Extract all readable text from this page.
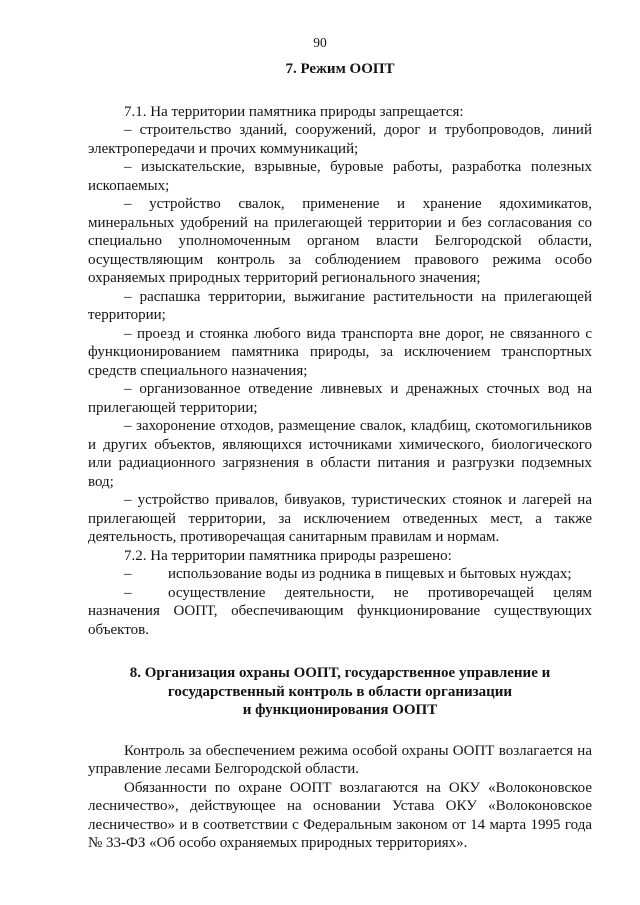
90
7. Режим ООПТ

7.1. На территории памятника природы запрещается:

– строительство зданий, сооружений, дорог и трубопроводов, линий электропередачи и прочих коммуникаций;

– изыскательские, взрывные, буровые работы, разработка полезных ископаемых;

– устройство свалок, применение и хранение ядохимикатов, минеральных удобрений на прилегающей территории и без согласования со специально уполномоченным органом власти Белгородской области, осуществляющим контроль за соблюдением правового режима особо охраняемых природных территорий регионального значения;

– распашка территории, выжигание растительности на прилегающей территории;

– проезд и стоянка любого вида транспорта вне дорог, не связанного с функционированием памятника природы, за исключением транспортных средств специального назначения;

– организованное отведение ливневых и дренажных сточных вод на прилегающей территории;

– захоронение отходов, размещение свалок, кладбищ, скотомогильников и других объектов, являющихся источниками химического, биологического или радиационного загрязнения в области питания и разгрузки подземных вод;

– устройство привалов, бивуаков, туристических стоянок и лагерей на прилегающей территории, за исключением отведенных мест, а также деятельность, противоречащая санитарным правилам и нормам.

7.2. На территории памятника природы разрешено:

– использование воды из родника в пищевых и бытовых нуждах;

– осуществление деятельности, не противоречащей целям назначения ООПТ, обеспечивающим функционирование существующих объектов.

8. Организация охраны ООПТ, государственное управление и
государственный контроль в области организации
и функционирования ООПТ

Контроль за обеспечением режима особой охраны ООПТ возлагается на управление лесами Белгородской области.

Обязанности по охране ООПТ возлагаются на ОКУ «Волоконовское лесничество», действующее на основании Устава ОКУ «Волоконовское лесничество» и в соответствии с Федеральным законом от 14 марта 1995 года № 33-ФЗ «Об особо охраняемых природных территориях».
